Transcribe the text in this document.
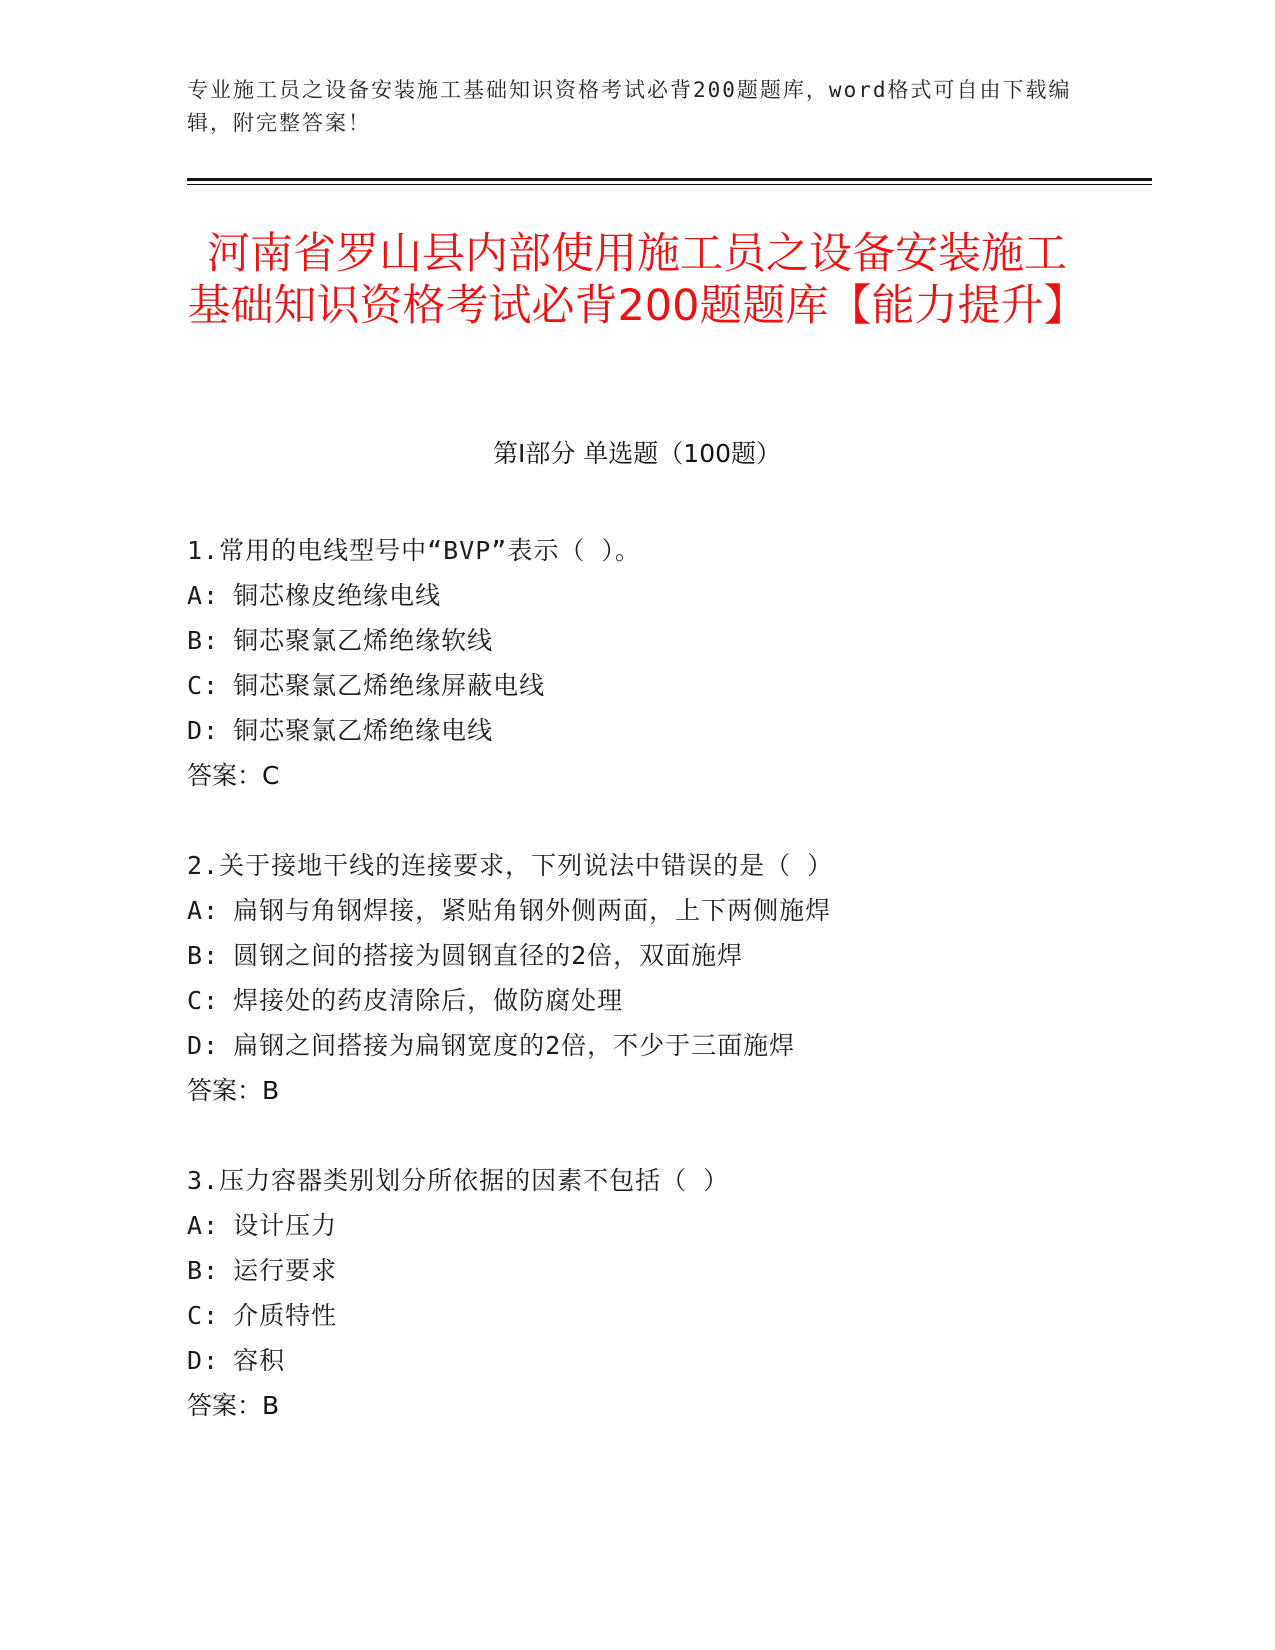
专业施工员之设备安装施工基础知识资格考试必背200题题库，word格式可自由下载编辑，附完整答案！
河南省罗山县内部使用施工员之设备安装施工基础知识资格考试必背200题题库【能力提升】
第I部分 单选题（100题）
1.常用的电线型号中“BVP”表示（ ）。
A: 铜芯橡皮绝缘电线
B: 铜芯聚氯乙烯绝缘软线
C: 铜芯聚氯乙烯绝缘屏蔽电线
D: 铜芯聚氯乙烯绝缘电线
答案：C
2.关于接地干线的连接要求，下列说法中错误的是（ ）
A: 扁钢与角钢焊接，紧贴角钢外侧两面，上下两侧施焊
B: 圆钢之间的搭接为圆钢直径的2倍，双面施焊
C: 焊接处的药皮清除后，做防腐处理
D: 扁钢之间搭接为扁钢宽度的2倍，不少于三面施焊
答案：B
3.压力容器类别划分所依据的因素不包括（ ）
A: 设计压力
B: 运行要求
C: 介质特性
D: 容积
答案：B
